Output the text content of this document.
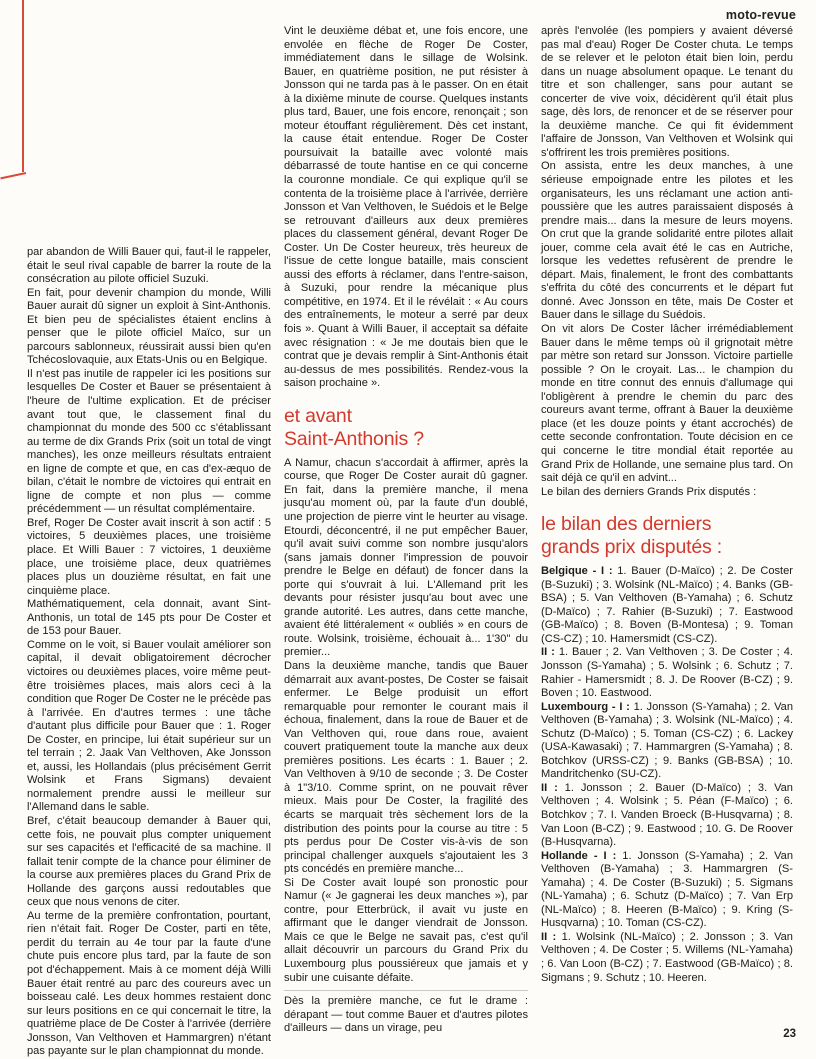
moto-revue

par abandon de Willi Bauer qui, faut-il le rappeler, était le seul rival capable de barrer la route de la consécration au pilote officiel Suzuki.

En fait, pour devenir champion du monde, Willi Bauer aurait dû signer un exploit à Sint-Anthonis. Et bien peu de spécialistes étaient enclins à penser que le pilote officiel Maïco, sur un parcours sablonneux, réussirait aussi bien qu'en Tchécoslovaquie, aux Etats-Unis ou en Belgique.

Il n'est pas inutile de rappeler ici les positions sur lesquelles De Coster et Bauer se présentaient à l'heure de l'ultime explication. Et de préciser avant tout que, le classement final du championnat du monde des 500 cc s'établissant au terme de dix Grands Prix (soit un total de vingt manches), les onze meilleurs résultats entraient en ligne de compte et que, en cas d'ex-æquo de bilan, c'était le nombre de victoires qui entrait en ligne de compte et non plus — comme précédemment — un résultat complémentaire.

Bref, Roger De Coster avait inscrit à son actif : 5 victoires, 5 deuxièmes places, une troisième place. Et Willi Bauer : 7 victoires, 1 deuxième place, une troisième place, deux quatrièmes places plus un douzième résultat, en fait une cinquième place.

Mathématiquement, cela donnait, avant Sint-Anthonis, un total de 145 pts pour De Coster et de 153 pour Bauer.

Comme on le voit, si Bauer voulait améliorer son capital, il devait obligatoirement décrocher victoires ou deuxièmes places, voire même peut-être troisièmes places, mais alors ceci à la condition que Roger De Coster ne le précède pas à l'arrivée. En d'autres termes : une tâche d'autant plus difficile pour Bauer que : 1. Roger De Coster, en principe, lui était supérieur sur un tel terrain ; 2. Jaak Van Velthoven, Ake Jonsson et, aussi, les Hollandais (plus précisément Gerrit Wolsink et Frans Sigmans) devaient normalement prendre aussi le meilleur sur l'Allemand dans le sable.

Bref, c'était beaucoup demander à Bauer qui, cette fois, ne pouvait plus compter uniquement sur ses capacités et l'efficacité de sa machine. Il fallait tenir compte de la chance pour éliminer de la course aux premières places du Grand Prix de Hollande des garçons aussi redoutables que ceux que nous venons de citer.

Au terme de la première confrontation, pourtant, rien n'était fait. Roger De Coster, parti en tête, perdit du terrain au 4e tour par la faute d'une chute puis encore plus tard, par la faute de son pot d'échappement. Mais à ce moment déjà Willi Bauer était rentré au parc des coureurs avec un boisseau calé. Les deux hommes restaient donc sur leurs positions en ce qui concernait le titre, la quatrième place de De Coster à l'arrivée (derrière Jonsson, Van Velthoven et Hammargren) n'étant pas payante sur le plan championnat du monde.

Vint le deuxième débat et, une fois encore, une envolée en flèche de Roger De Coster, immédiatement dans le sillage de Wolsink. Bauer, en quatrième position, ne put résister à Jonsson qui ne tarda pas à le passer. On en était à la dixième minute de course. Quelques instants plus tard, Bauer, une fois encore, renonçait ; son moteur étouffant régulièrement. Dès cet instant, la cause était entendue. Roger De Coster poursuivait la bataille avec volonté mais débarrassé de toute hantise en ce qui concerne la couronne mondiale. Ce qui explique qu'il se contenta de la troisième place à l'arrivée, derrière Jonsson et Van Velthoven, le Suédois et le Belge se retrouvant d'ailleurs aux deux premières places du classement général, devant Roger De Coster. Un De Coster heureux, très heureux de l'issue de cette longue bataille, mais conscient aussi des efforts à réclamer, dans l'entre-saison, à Suzuki, pour rendre la mécanique plus compétitive, en 1974. Et il le révélait : « Au cours des entraînements, le moteur a serré par deux fois ». Quant à Willi Bauer, il acceptait sa défaite avec résignation : « Je me doutais bien que le contrat que je devais remplir à Sint-Anthonis était au-dessus de mes possibilités. Rendez-vous la saison prochaine ».

et avant

Saint-Anthonis ?

A Namur, chacun s'accordait à affirmer, après la course, que Roger De Coster aurait dû gagner. En fait, dans la première manche, il mena jusqu'au moment où, par la faute d'un doublé, une projection de pierre vint le heurter au visage. Etourdi, déconcentré, il ne put empêcher Bauer, qu'il avait suivi comme son nombre jusqu'alors (sans jamais donner l'impression de pouvoir prendre le Belge en défaut) de foncer dans la porte qui s'ouvrait à lui. L'Allemand prit les devants pour résister jusqu'au bout avec une grande autorité. Les autres, dans cette manche, avaient été littéralement « oubliés » en cours de route. Wolsink, troisième, échouait à... 1'30" du premier...

Dans la deuxième manche, tandis que Bauer démarrait aux avant-postes, De Coster se faisait enfermer. Le Belge produisit un effort remarquable pour remonter le courant mais il échoua, finalement, dans la roue de Bauer et de Van Velthoven qui, roue dans roue, avaient couvert pratiquement toute la manche aux deux premières positions. Les écarts : 1. Bauer ; 2. Van Velthoven à 9/10 de seconde ; 3. De Coster à 1"3/10. Comme sprint, on ne pouvait rêver mieux. Mais pour De Coster, la fragilité des écarts se marquait très sèchement lors de la distribution des points pour la course au titre : 5 pts perdus pour De Coster vis-à-vis de son principal challenger auxquels s'ajoutaient les 3 pts concédés en première manche...

Si De Coster avait loupé son pronostic pour Namur (« Je gagnerai les deux manches »), par contre, pour Etterbrück, il avait vu juste en affirmant que le danger viendrait de Jonsson. Mais ce que le Belge ne savait pas, c'est qu'il allait découvrir un parcours du Grand Prix du Luxembourg plus poussiéreux que jamais et y subir une cuisante défaite.

Dès la première manche, ce fut le drame : dérapant — tout comme Bauer et d'autres pilotes d'ailleurs — dans un virage, peu

après l'envolée (les pompiers y avaient déversé pas mal d'eau) Roger De Coster chuta. Le temps de se relever et le peloton était bien loin, perdu dans un nuage absolument opaque. Le tenant du titre et son challenger, sans pour autant se concerter de vive voix, décidèrent qu'il était plus sage, dès lors, de renoncer et de se réserver pour la deuxième manche. Ce qui fit évidemment l'affaire de Jonsson, Van Velthoven et Wolsink qui s'offrirent les trois premières positions.

On assista, entre les deux manches, à une sérieuse empoignade entre les pilotes et les organisateurs, les uns réclamant une action anti-poussière que les autres paraissaient disposés à prendre mais... dans la mesure de leurs moyens. On crut que la grande solidarité entre pilotes allait jouer, comme cela avait été le cas en Autriche, lorsque les vedettes refusèrent de prendre le départ. Mais, finalement, le front des combattants s'effrita du côté des concurrents et le départ fut donné. Avec Jonsson en tête, mais De Coster et Bauer dans le sillage du Suédois.

On vit alors De Coster lâcher irrémédiablement Bauer dans le même temps où il grignotait mètre par mètre son retard sur Jonsson. Victoire partielle possible ? On le croyait. Las... le champion du monde en titre connut des ennuis d'allumage qui l'obligèrent à prendre le chemin du parc des coureurs avant terme, offrant à Bauer la deuxième place (et les douze points y étant accrochés) de cette seconde confrontation. Toute décision en ce qui concerne le titre mondial était reportée au Grand Prix de Hollande, une semaine plus tard. On sait déjà ce qu'il en advint...

Le bilan des derniers Grands Prix disputés :

le bilan des derniers

grands prix disputés :

Belgique - I : 1. Bauer (D-Maïco) ; 2. De Coster (B-Suzuki) ; 3. Wolsink (NL-Maïco) ; 4. Banks (GB-BSA) ; 5. Van Velthoven (B-Yamaha) ; 6. Schutz (D-Maïco) ; 7. Rahier (B-Suzuki) ; 7. Eastwood (GB-Maïco) ; 8. Boven (B-Montesa) ; 9. Toman (CS-CZ) ; 10. Hamersmidt (CS-CZ).

II : 1. Bauer ; 2. Van Velthoven ; 3. De Coster ; 4. Jonsson (S-Yamaha) ; 5. Wolsink ; 6. Schutz ; 7. Rahier - Hamersmidt ; 8. J. De Roover (B-CZ) ; 9. Boven ; 10. Eastwood.

Luxembourg - I : 1. Jonsson (S-Yamaha) ; 2. Van Velthoven (B-Yamaha) ; 3. Wolsink (NL-Maïco) ; 4. Schutz (D-Maïco) ; 5. Toman (CS-CZ) ; 6. Lackey (USA-Kawasaki) ; 7. Hammargren (S-Yamaha) ; 8. Botchkov (URSS-CZ) ; 9. Banks (GB-BSA) ; 10. Mandritchenko (SU-CZ).

II : 1. Jonsson ; 2. Bauer (D-Maïco) ; 3. Van Velthoven ; 4. Wolsink ; 5. Péan (F-Maïco) ; 6. Botchkov ; 7. I. Vanden Broeck (B-Husqvarna) ; 8. Van Loon (B-CZ) ; 9. Eastwood ; 10. G. De Roover (B-Husqvarna).

Hollande - I : 1. Jonsson (S-Yamaha) ; 2. Van Velthoven (B-Yamaha) ; 3. Hammargren (S-Yamaha) ; 4. De Coster (B-Suzuki) ; 5. Sigmans (NL-Yamaha) ; 6. Schutz (D-Maïco) ; 7. Van Erp (NL-Maïco) ; 8. Heeren (B-Maïco) ; 9. Kring (S-Husqvarna) ; 10. Toman (CS-CZ).

II : 1. Wolsink (NL-Maïco) ; 2. Jonsson ; 3. Van Velthoven ; 4. De Coster ; 5. Willems (NL-Yamaha) ; 6. Van Loon (B-CZ) ; 7. Eastwood (GB-Maïco) ; 8. Sigmans ; 9. Schutz ; 10. Heeren.

23
